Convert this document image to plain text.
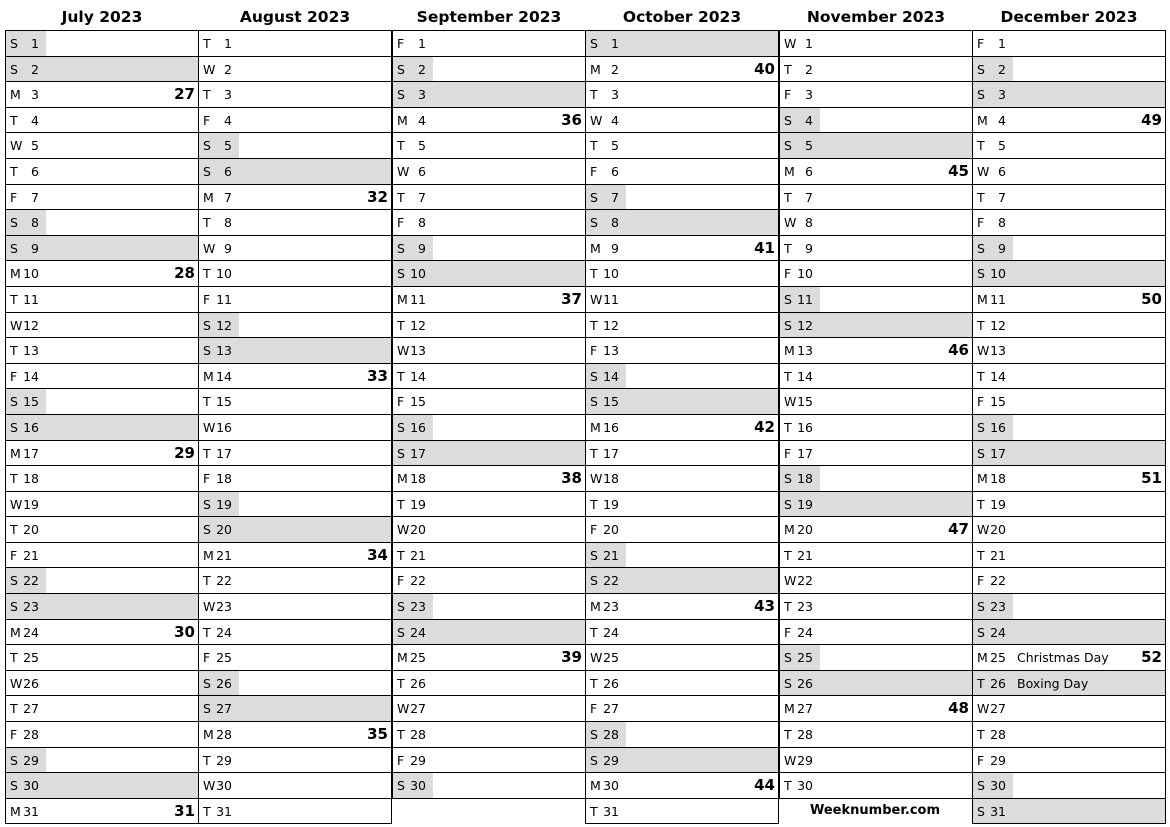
July 2023
S	1
S	2
M 3	27
T	4
W 5
T	6
F	7
S	8
S	9
M 10	28
T 11
W 12
T 13
F 14
S 15
S 16
M 17	29
T 18
W 19
T 20
F 21
S 22
S 23
M 24	30
T 25
W 26
T 27
F 28
S 29
S 30
M 31	31
August 2023
T	1
W 2
T	3
F	4
S	5
S	6
M 7	32
T	8
W 9
T 10
F 11
S 12
S 13
M 14	33
T 15
W 16
T 17
F 18
S 19
S 20
M 21	34
T 22
W 23
T 24
F 25
S 26
S 27
M 28	35
T 29
W 30
T 31
September 2023
F	1
S	2
S	3
M 4	36
T	5
W 6
T	7
F	8
S	9
S 10
M 11	37
T 12
W 13
T 14
F 15
S 16
S 17
M 18	38
T 19
W 20
T 21
F 22
S 23
S 24
M 25	39
T 26
W 27
T 28
F 29
S 30
October 2023
S	1
M 2	40
T	3
W 4
T	5
F	6
S	7
S	8
M 9	41
T 10
W 11
T 12
F 13
S 14
S 15
M 16	42
T 17
W 18
T 19
F 20
S 21
S 22
M 23	43
T 24
W 25
T 26
F 27
S 28
S 29
M 30	44
T 31
November 2023
W 1
T	2
F	3
S	4
S	5
M 6	45
T	7
W 8
T	9
F 10
S 11
S 12
M 13	46
T 14
W 15
T 16
F 17
S 18
S 19
M 20	47
T 21
W 22
T 23
F 24
S 25
S 26
M 27	48
T 28
W 29
T 30
December 2023
F	1
S	2
S	3
M 4	49
T	5
W 6
T	7
F	8
S	9
S 10
M 11	50
T 12
W 13
T 14
F 15
S 16
S 17
M 18	51
T 19
W 20
T 21
F 22
S 23
S 24
M 25 Christmas Day 52
T 26 Boxing Day
W 27
T 28
F 29
S 30
S 31
Weeknumber.com
